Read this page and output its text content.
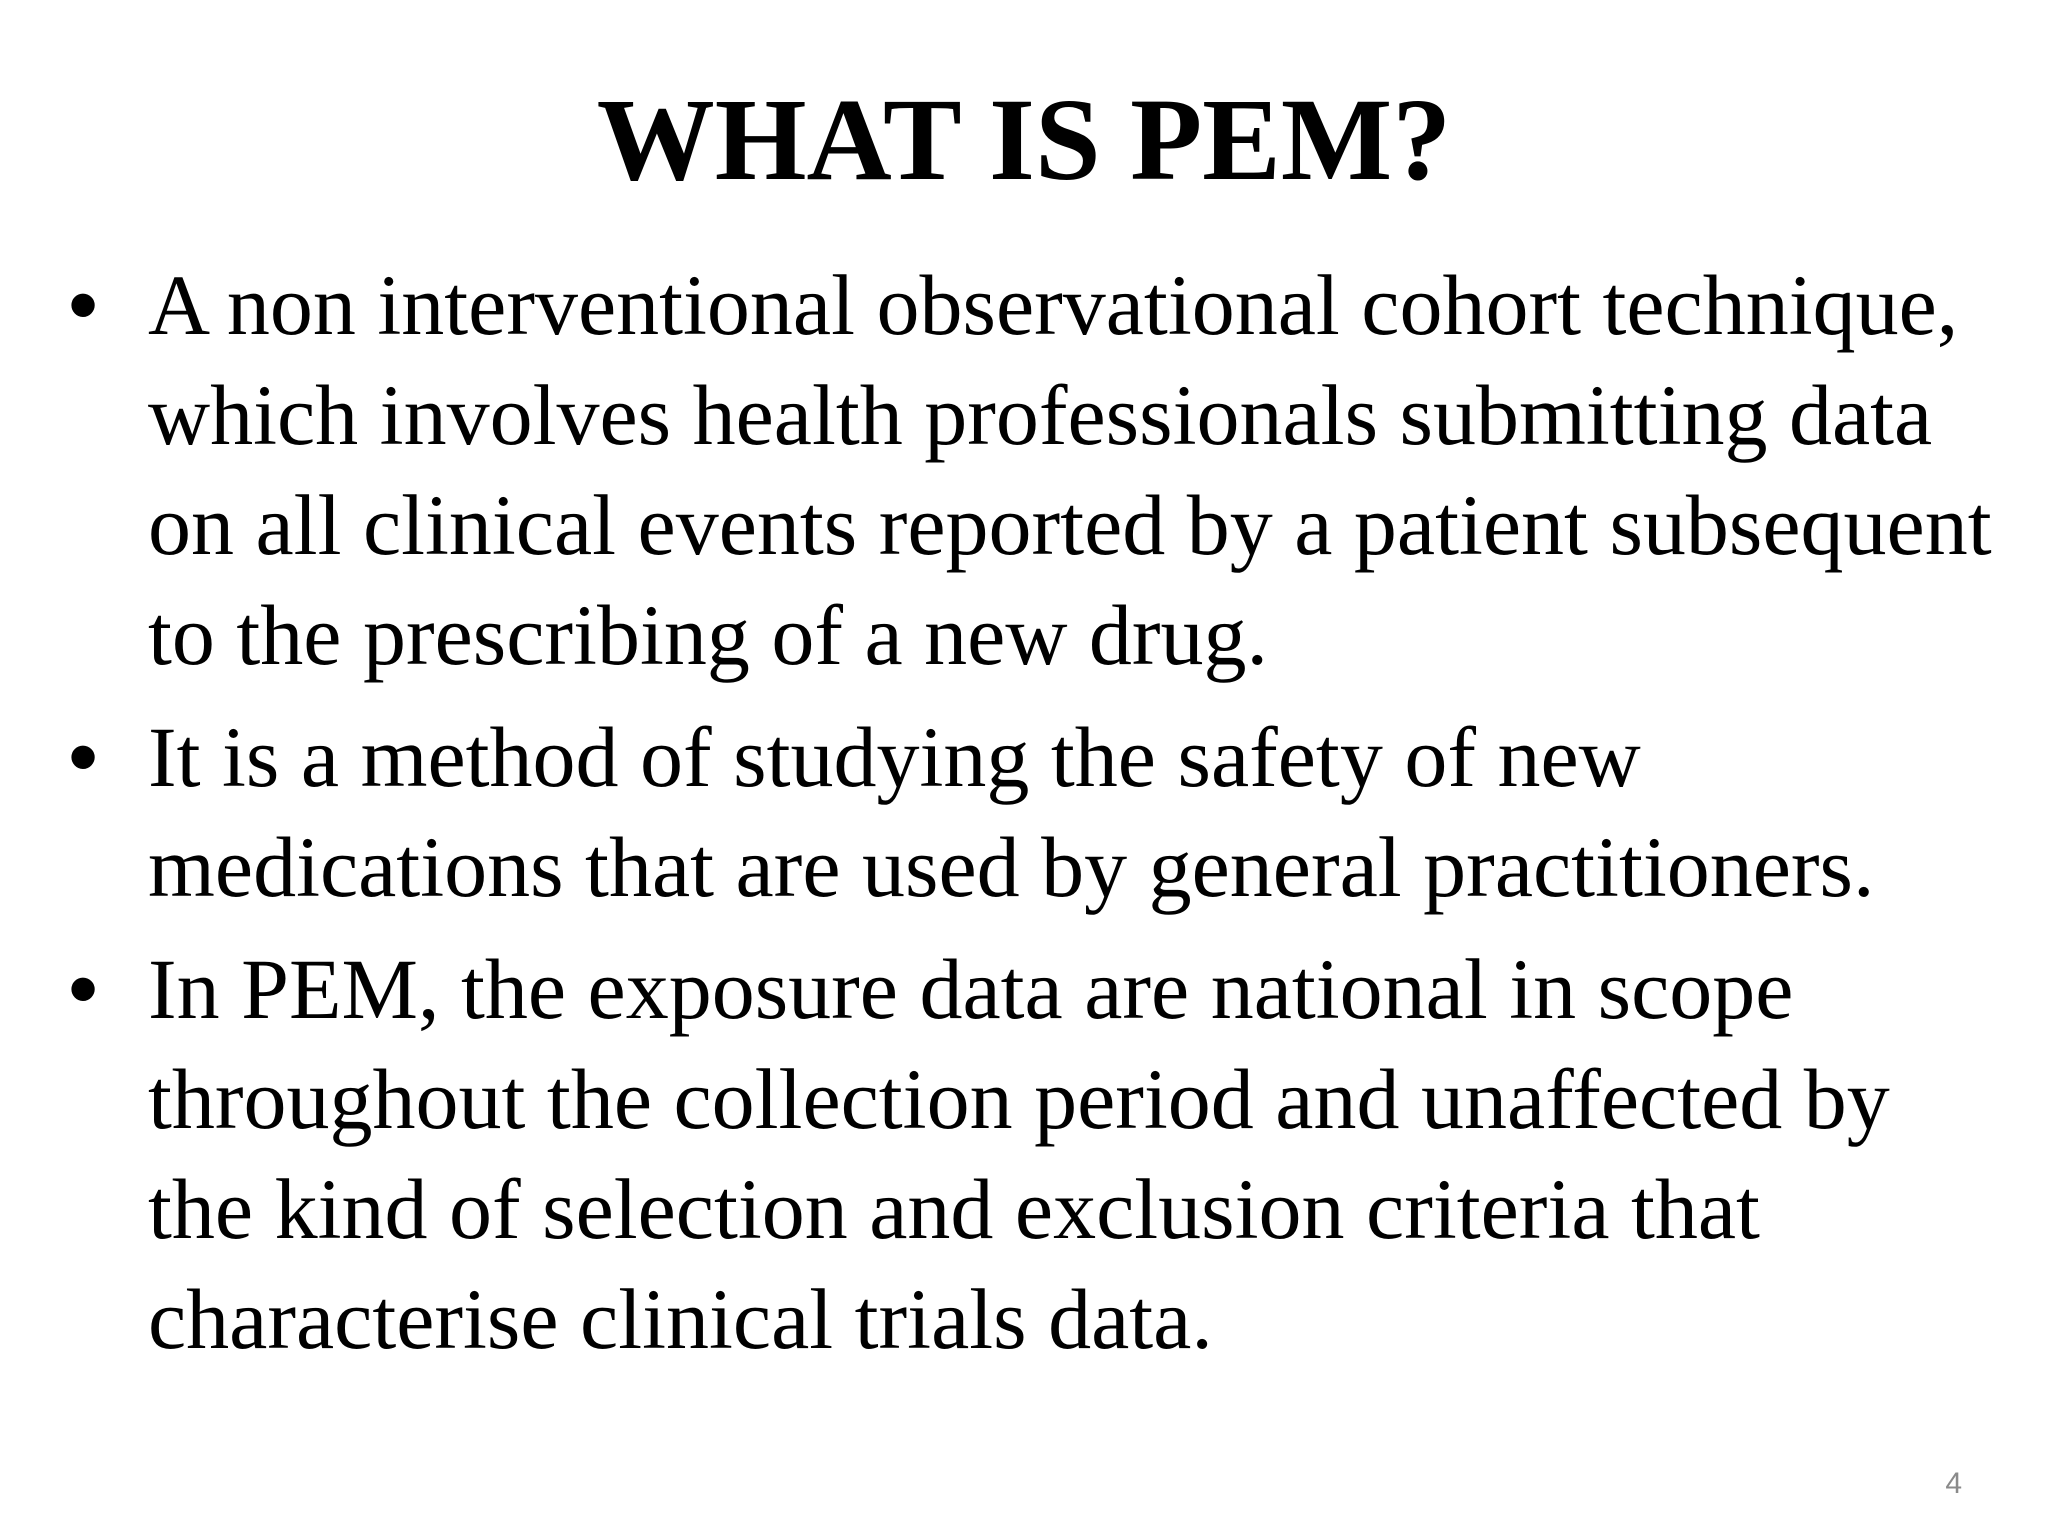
WHAT IS PEM?
• A non interventional observational cohort technique, which involves health professionals submitting data on all clinical events reported by a patient subsequent to the prescribing of a new drug.
• It is a method of studying the safety of new medications that are used by general practitioners.
• In PEM, the exposure data are national in scope throughout the collection period and unaffected by the kind of selection and exclusion criteria that characterise clinical trials data.
4
